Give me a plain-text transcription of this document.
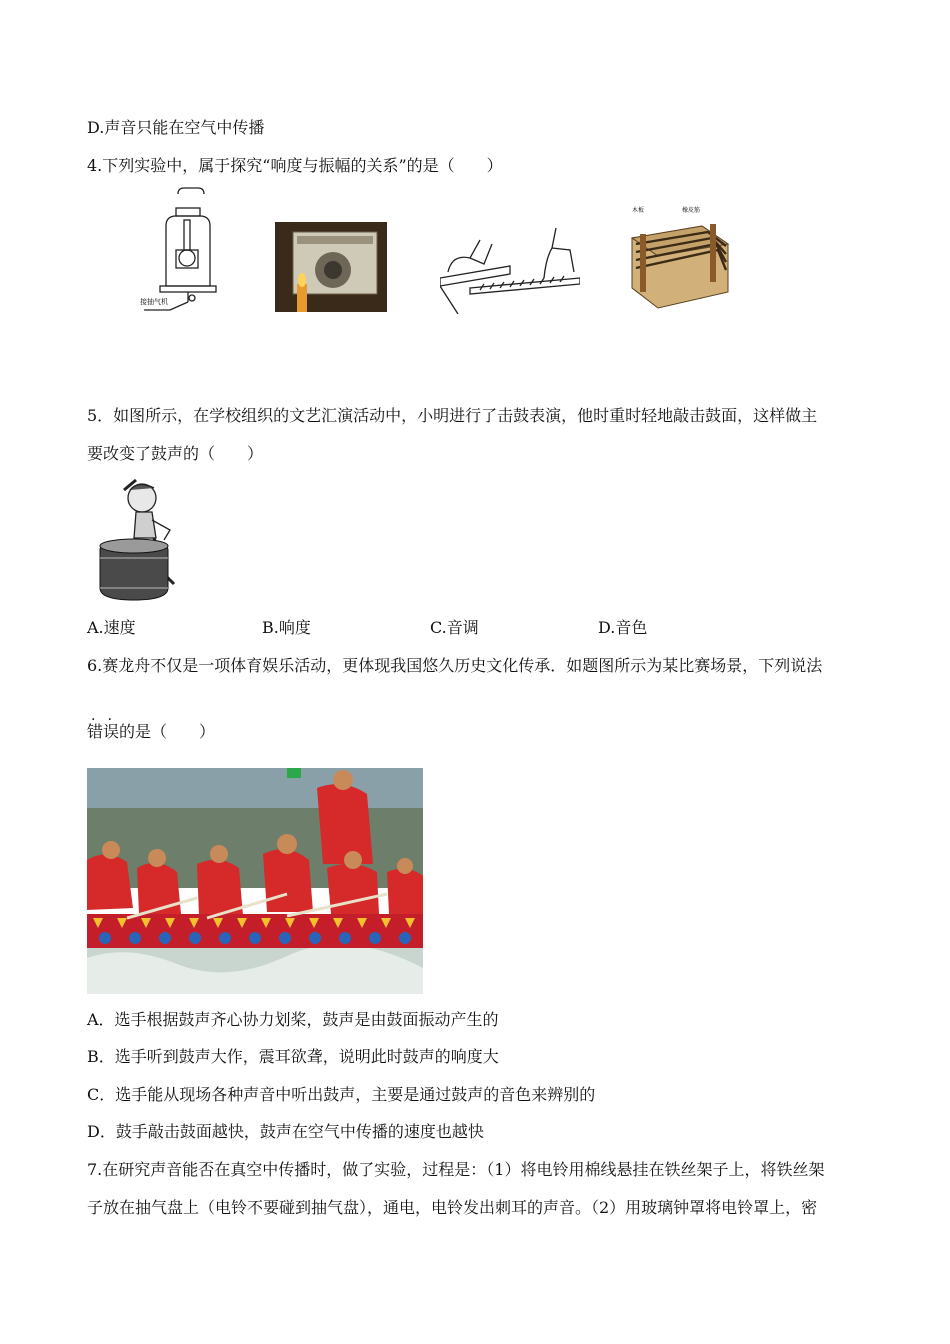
D.声音只能在空气中传播
4.下列实验中，属于探究“响度与振幅的关系”的是（　　）
接抽气机
木板	橡皮筋
5．如图所示，在学校组织的文艺汇演活动中，小明进行了击鼓表演，他时重时轻地敲击鼓面，这样做主
要改变了鼓声的（　　）
A.速度	B.响度	C.音调	D.音色
6.赛龙舟不仅是一项体育娱乐活动，更体现我国悠久历史文化传承．如题图所示为某比赛场景，下列说法
..
错误的是（　　）
A．选手根据鼓声齐心协力划桨，鼓声是由鼓面振动产生的
B．选手听到鼓声大作，震耳欲聋，说明此时鼓声的响度大
C．选手能从现场各种声音中听出鼓声，主要是通过鼓声的音色来辨别的
D．鼓手敲击鼓面越快，鼓声在空气中传播的速度也越快
7.在研究声音能否在真空中传播时，做了实验，过程是：（1）将电铃用棉线悬挂在铁丝架子上，将铁丝架
子放在抽气盘上（电铃不要碰到抽气盘），通电，电铃发出刺耳的声音。（2）用玻璃钟罩将电铃罩上，密
